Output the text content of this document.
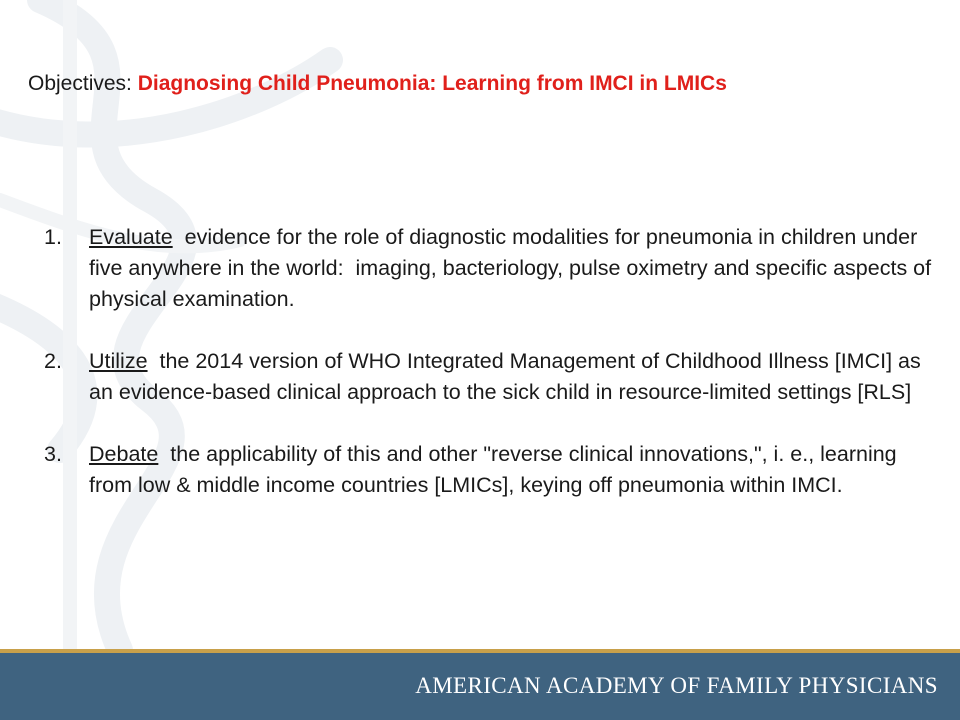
Objectives: Diagnosing Child Pneumonia: Learning from IMCI in LMICs
1.	Evaluate  evidence for the role of diagnostic modalities for pneumonia in children under five anywhere in the world:  imaging, bacteriology, pulse oximetry and specific aspects of physical examination.
2.	Utilize  the 2014 version of WHO Integrated Management of Childhood Illness [IMCI] as an evidence-based clinical approach to the sick child in resource-limited settings [RLS]
3.	Debate  the applicability of this and other "reverse clinical innovations,", i. e., learning from low & middle income countries [LMICs], keying off pneumonia within IMCI.
AMERICAN ACADEMY OF FAMILY PHYSICIANS
